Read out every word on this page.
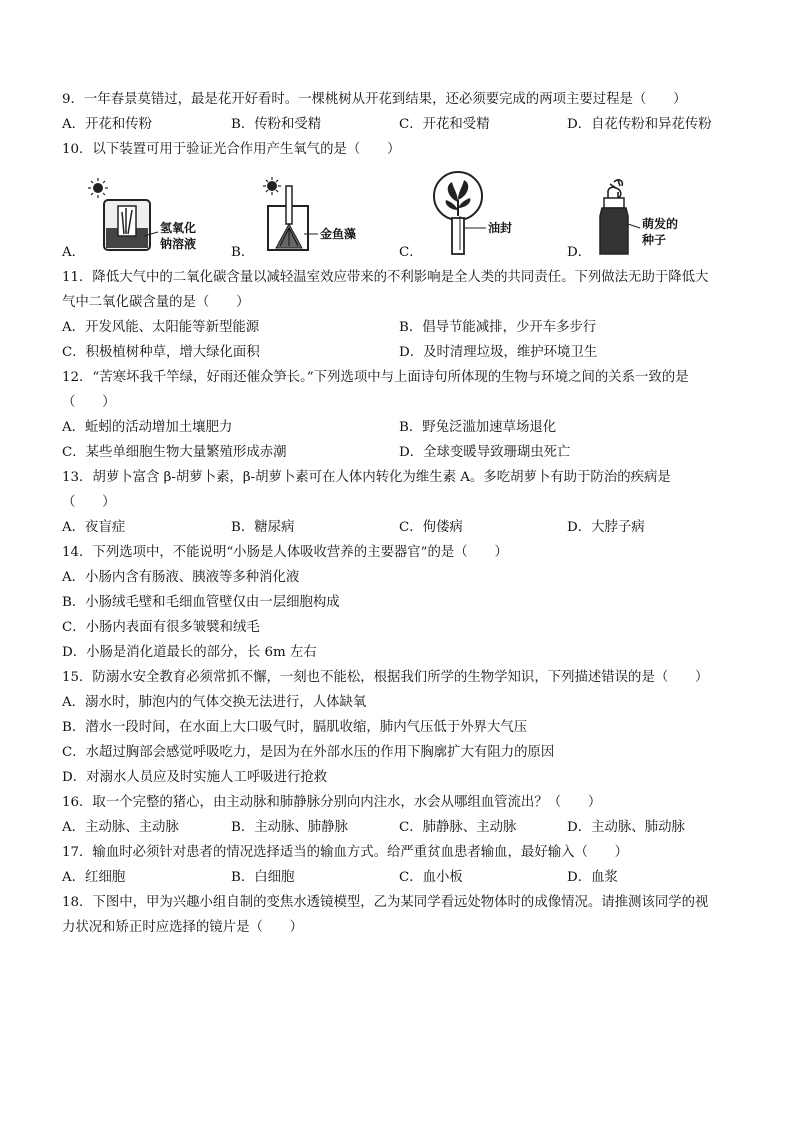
9．一年春景莫错过，最是花开好看时。一棵桃树从开花到结果，还必须要完成的两项主要过程是（　　）
A．开花和传粉	B．传粉和受精	C．开花和受精	D．自花传粉和异花传粉
10．以下装置可用于验证光合作用产生氧气的是（　　）
A．
氢氧化
钠溶液
B．
金鱼藻
C．
油封
D．
萌发的
种子
11．降低大气中的二氧化碳含量以减轻温室效应带来的不利影响是全人类的共同责任。下列做法无助于降低大
气中二氧化碳含量的是（　　）
A．开发风能、太阳能等新型能源	B．倡导节能减排，少开车多步行
C．积极植树种草，增大绿化面积	D．及时清理垃圾，维护环境卫生
12．“苦寒坏我千竿绿，好雨还催众笋长。”下列选项中与上面诗句所体现的生物与环境之间的关系一致的是
（　　）
A．蚯蚓的活动增加土壤肥力	B．野兔泛滥加速草场退化
C．某些单细胞生物大量繁殖形成赤潮	D．全球变暖导致珊瑚虫死亡
13．胡萝卜富含 β-胡萝卜素，β-胡萝卜素可在人体内转化为维生素 A。多吃胡萝卜有助于防治的疾病是
（　　）
A．夜盲症	B．糖尿病	C．佝偻病	D．大脖子病
14．下列选项中，不能说明“小肠是人体吸收营养的主要器官”的是（　　）
A．小肠内含有肠液、胰液等多种消化液
B．小肠绒毛壁和毛细血管壁仅由一层细胞构成
C．小肠内表面有很多皱襞和绒毛
D．小肠是消化道最长的部分，长 6m 左右
15．防溺水安全教育必须常抓不懈，一刻也不能松，根据我们所学的生物学知识，下列描述错误的是（　　）
A．溺水时，肺泡内的气体交换无法进行，人体缺氧
B．潜水一段时间，在水面上大口吸气时，膈肌收缩，肺内气压低于外界大气压
C．水超过胸部会感觉呼吸吃力，是因为在外部水压的作用下胸廓扩大有阻力的原因
D．对溺水人员应及时实施人工呼吸进行抢救
16．取一个完整的猪心，由主动脉和肺静脉分别向内注水，水会从哪组血管流出？（　　）
A．主动脉、主动脉	B．主动脉、肺静脉	C．肺静脉、主动脉	D．主动脉、肺动脉
17．输血时必须针对患者的情况选择适当的输血方式。给严重贫血患者输血，最好输入（　　）
A．红细胞	B．白细胞	C．血小板	D．血浆
18．下图中，甲为兴趣小组自制的变焦水透镜模型，乙为某同学看远处物体时的成像情况。请推测该同学的视
力状况和矫正时应选择的镜片是（　　）
